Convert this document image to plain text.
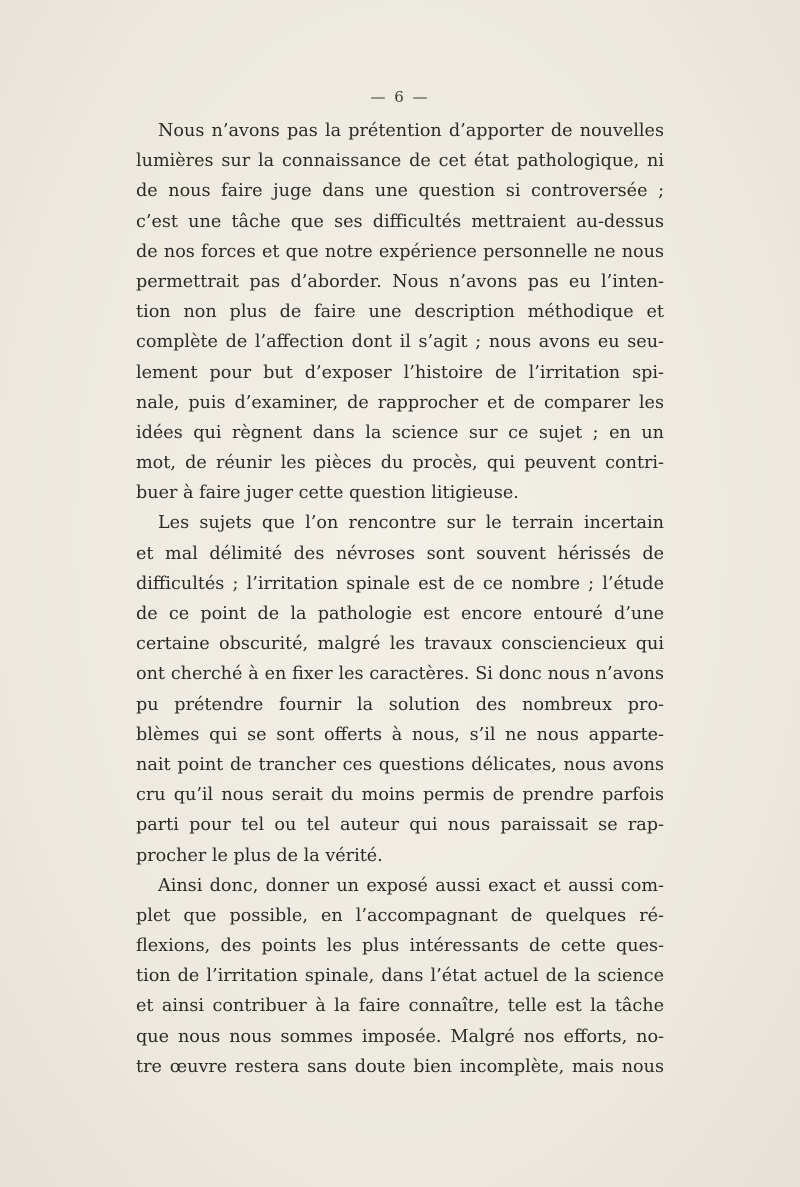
— 6 —
Nous n’avons pas la prétention d’apporter de nouvelles
lumières sur la connaissance de cet état pathologique, ni
de nous faire juge dans une question si controversée ;
c’est une tâche que ses difficultés mettraient au-dessus
de nos forces et que notre expérience personnelle ne nous
permettrait pas d’aborder. Nous n’avons pas eu l’inten-
tion non plus de faire une description méthodique et
complète de l’affection dont il s’agit ; nous avons eu seu-
lement pour but d’exposer l’histoire de l’irritation spi-
nale, puis d’examiner, de rapprocher et de comparer les
idées qui règnent dans la science sur ce sujet ; en un
mot, de réunir les pièces du procès, qui peuvent contri-
buer à faire juger cette question litigieuse.
Les sujets que l’on rencontre sur le terrain incertain
et mal délimité des névroses sont souvent hérissés de
difficultés ; l’irritation spinale est de ce nombre ; l’étude
de ce point de la pathologie est encore entouré d’une
certaine obscurité, malgré les travaux consciencieux qui
ont cherché à en fixer les caractères. Si donc nous n’avons
pu prétendre fournir la solution des nombreux pro-
blèmes qui se sont offerts à nous, s’il ne nous apparte-
nait point de trancher ces questions délicates, nous avons
cru qu’il nous serait du moins permis de prendre parfois
parti pour tel ou tel auteur qui nous paraissait se rap-
procher le plus de la vérité.
Ainsi donc, donner un exposé aussi exact et aussi com-
plet que possible, en l’accompagnant de quelques ré-
flexions, des points les plus intéressants de cette ques-
tion de l’irritation spinale, dans l’état actuel de la science
et ainsi contribuer à la faire connaître, telle est la tâche
que nous nous sommes imposée. Malgré nos efforts, no-
tre œuvre restera sans doute bien incomplète, mais nous
